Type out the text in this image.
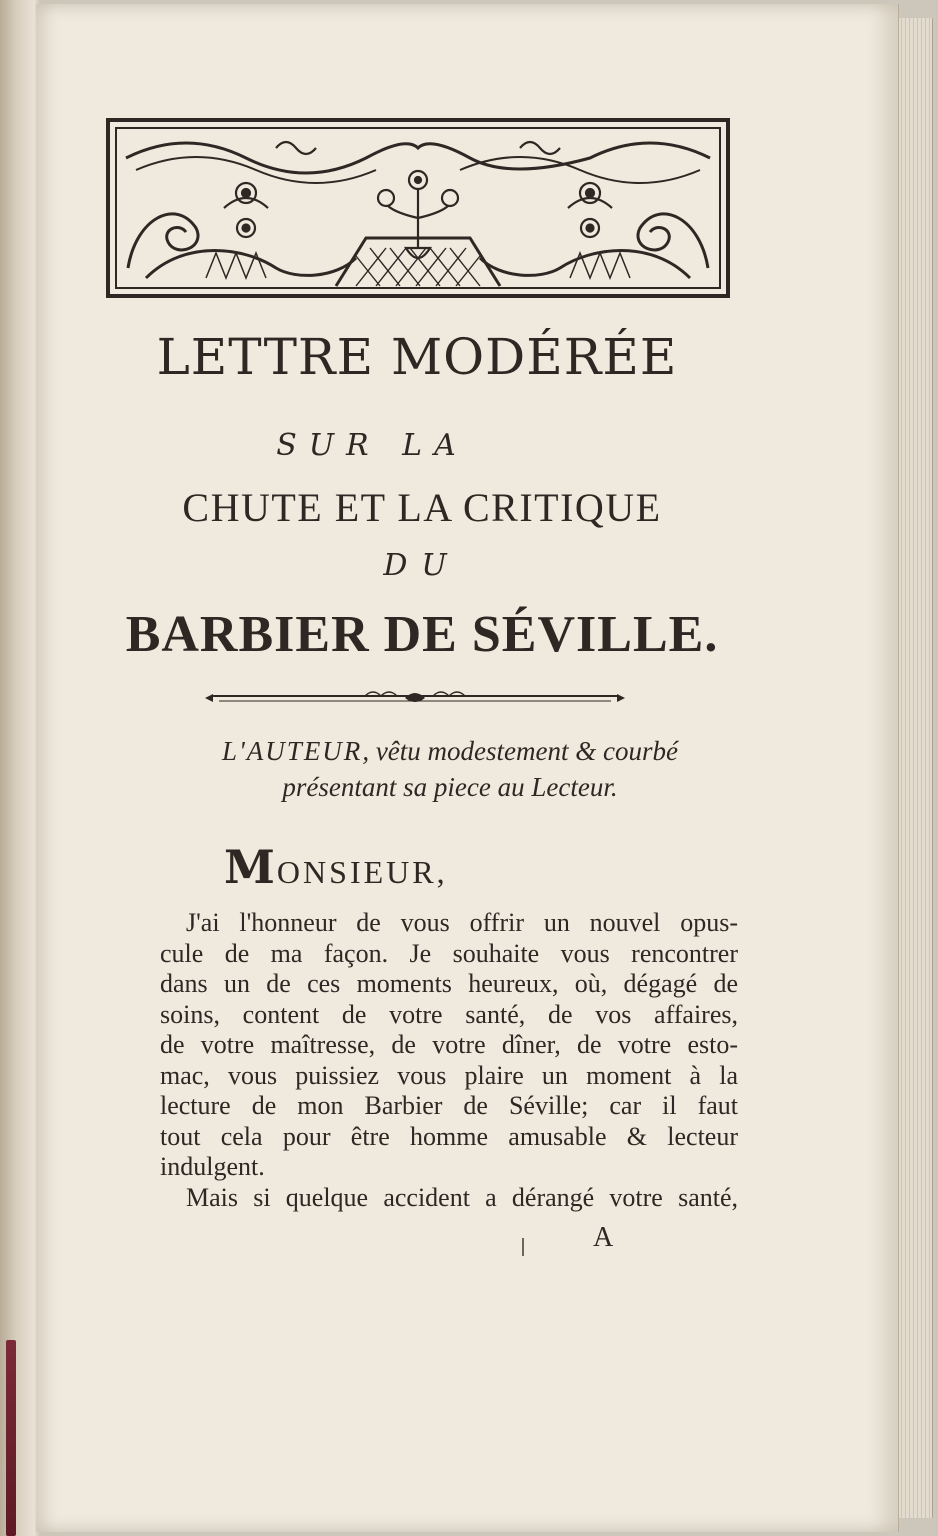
LETTRE MODÉRÉE
SUR LA
CHUTE ET LA CRITIQUE
DU
BARBIER DE SÉVILLE.
L'AUTEUR, vêtu modestement & courbé
présentant sa piece au Lecteur.
MONSIEUR,
J'ai l'honneur de vous offrir un nouvel opus-
cule de ma façon. Je souhaite vous rencontrer
dans un de ces moments heureux, où, dégagé de
soins, content de votre santé, de vos affaires,
de votre maîtresse, de votre dîner, de votre esto-
mac, vous puissiez vous plaire un moment à la
lecture de mon Barbier de Séville; car il faut
tout cela pour être homme amusable & lecteur
indulgent.
Mais si quelque accident a dérangé votre santé,
A
